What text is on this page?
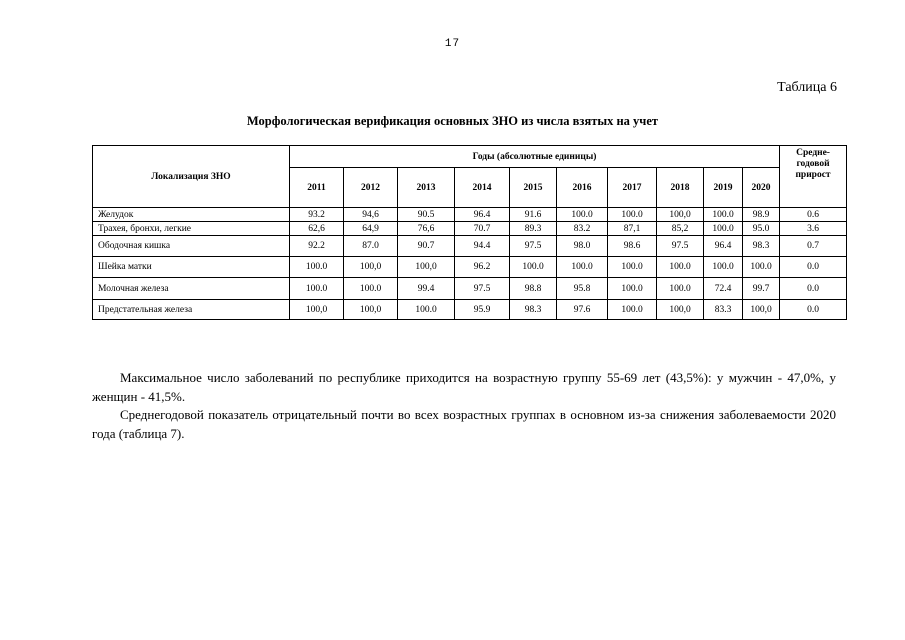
17
Таблица 6
Морфологическая верификация основных ЗНО из числа взятых на учет
Локализация ЗНО	Годы (абсолютные единицы)										Средне-годовой прирост
	2011	2012	2013	2014	2015	2016	2017	2018	2019	2020	
Желудок	93.2	94,6	90.5	96.4	91.6	100.0	100.0	100,0	100.0	98.9	0.6
Трахея, бронхи, легкие	62,6	64,9	76,6	70.7	89.3	83.2	87,1	85,2	100.0	95.0	3.6
Ободочная кишка	92.2	87.0	90.7	94.4	97.5	98.0	98.6	97.5	96.4	98.3	0.7
Шейка матки	100.0	100,0	100,0	96.2	100.0	100.0	100.0	100.0	100.0	100.0	0.0
Молочная железа	100.0	100.0	99.4	97.5	98.8	95.8	100.0	100.0	72.4	99.7	0.0
Предстательная железа	100,0	100,0	100.0	95.9	98.3	97.6	100.0	100,0	83.3	100,0	0.0
Максимальное число заболеваний по республике приходится на возрастную группу 55-69 лет (43,5%): у мужчин - 47,0%, у женщин - 41,5%.
Среднегодовой показатель отрицательный почти во всех возрастных группах в основном из-за снижения заболеваемости 2020 года (таблица 7).
